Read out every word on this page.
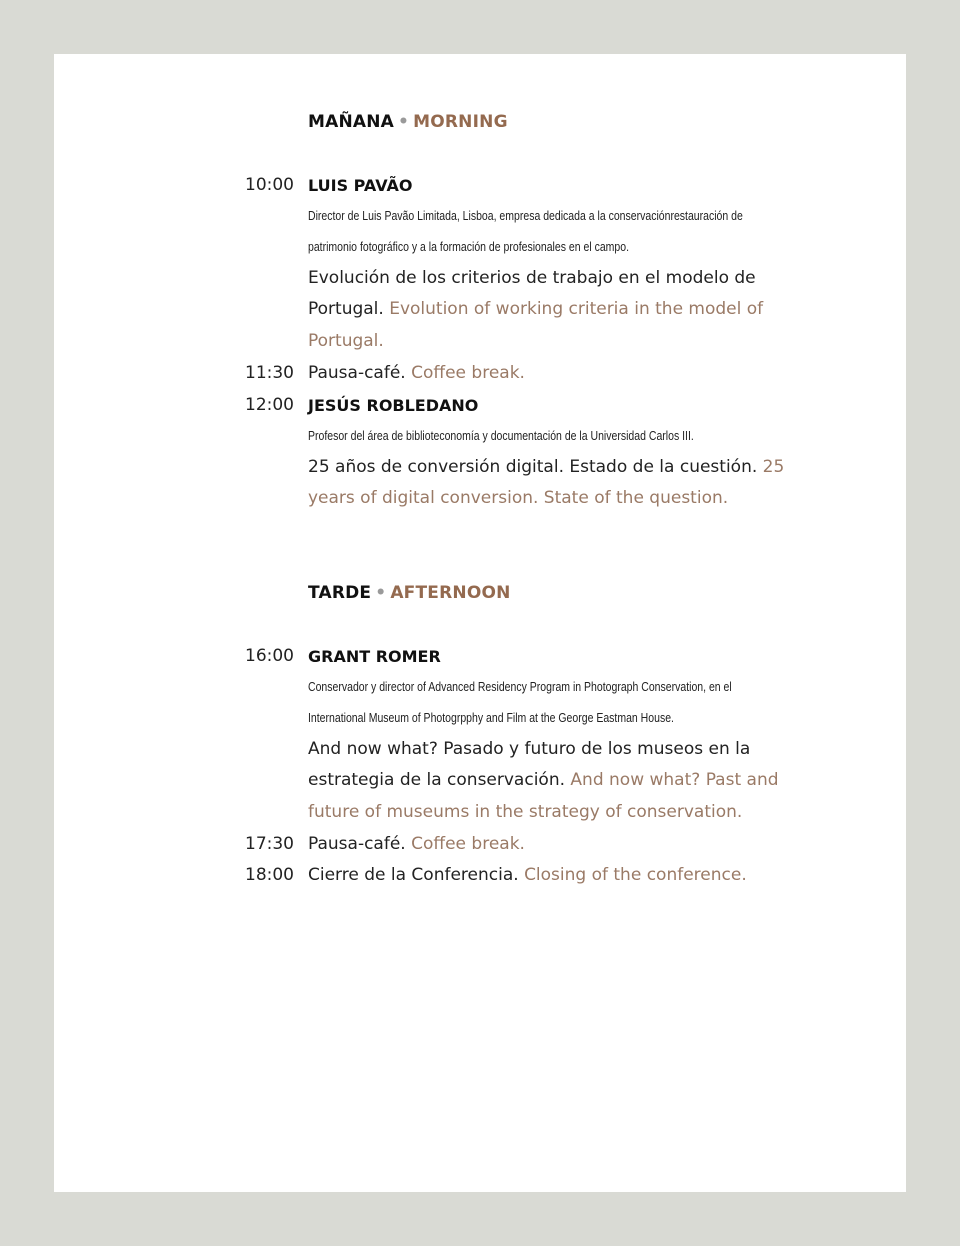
MAÑANA • MORNING
10:00 LUIS PAVÃO
Director de Luis Pavão Limitada, Lisboa, empresa dedicada a la conservaciónrestauración de
patrimonio fotográfico y a la formación de profesionales en el campo.
Evolución de los criterios de trabajo en el modelo de Portugal. Evolution of working criteria in the model of Portugal.
11:30 Pausa-café. Coffee break.
12:00 JESÚS ROBLEDANO
Profesor del área de biblioteconomía y documentación de la Universidad Carlos III.
25 años de conversión digital. Estado de la cuestión. 25 years of digital conversion. State of the question.
TARDE • AFTERNOON
16:00 GRANT ROMER
Conservador y director of Advanced Residency Program in Photograph Conservation, en el
International Museum of Photogrpphy and Film at the George Eastman House.
And now what? Pasado y futuro de los museos en la estrategia de la conservación. And now what? Past and future of museums in the strategy of conservation.
17:30 Pausa-café. Coffee break.
18:00 Cierre de la Conferencia. Closing of the conference.
